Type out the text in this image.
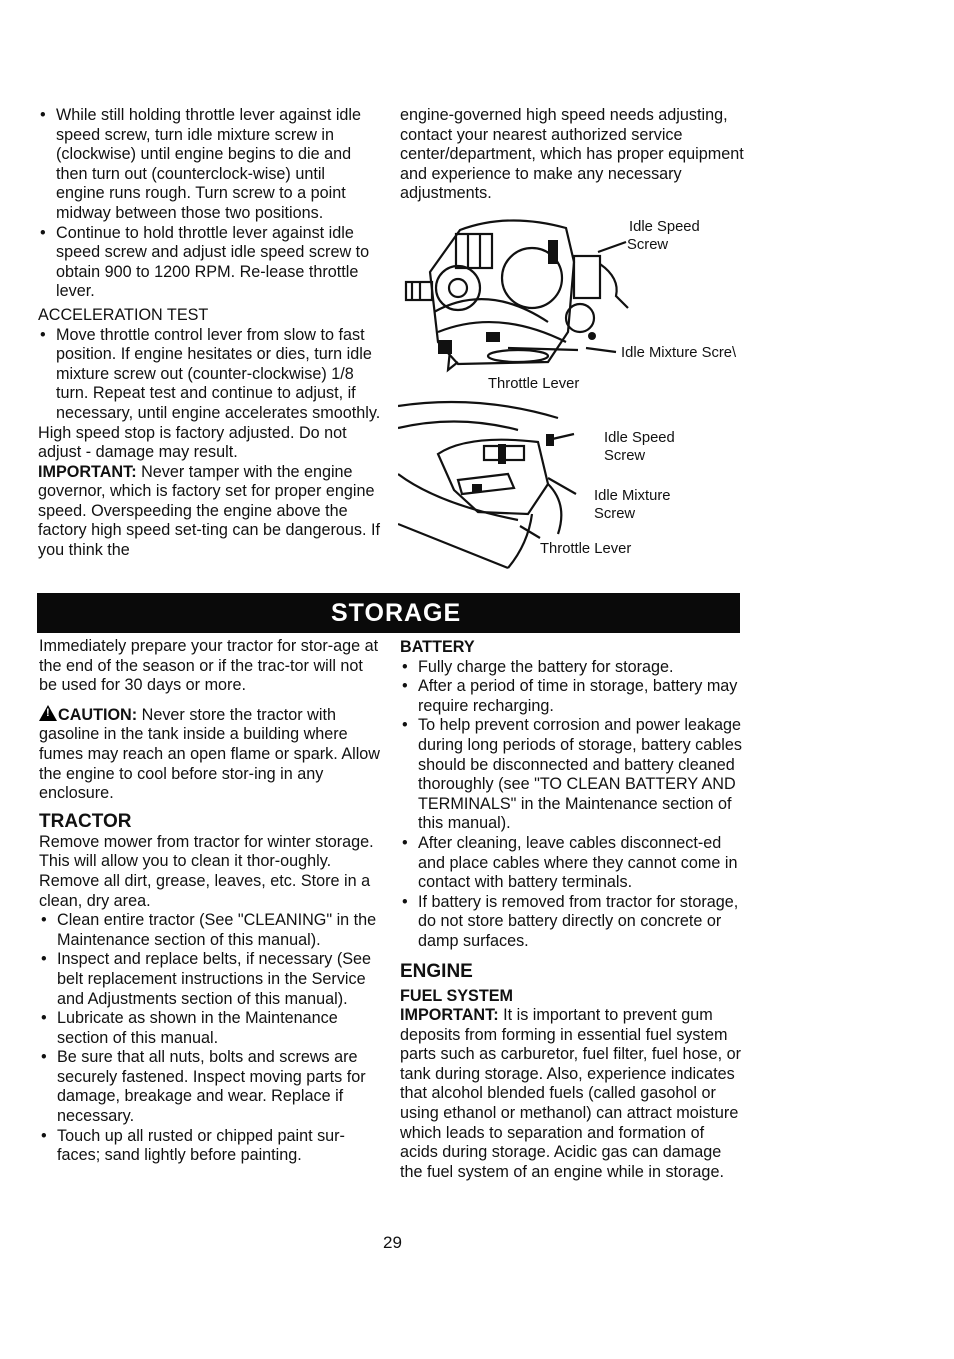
• While still holding throttle lever against idle speed screw, turn idle mixture screw in (clockwise) until engine begins to die and then turn out (counterclock-wise) until engine runs rough. Turn screw to a point midway between those two positions.
• Continue to hold throttle lever against idle speed screw and adjust idle speed screw to obtain 900 to 1200 RPM. Re-lease throttle lever.

ACCELERATION TEST

• Move throttle control lever from slow to fast position. If engine hesitates or dies, turn idle mixture screw out (counter-clockwise) 1/8 turn. Repeat test and continue to adjust, if necessary, until engine accelerates smoothly.

High speed stop is factory adjusted. Do not adjust - damage may result.

IMPORTANT: Never tamper with the engine governor, which is factory set for proper engine speed. Overspeeding the engine above the factory high speed set-ting can be dangerous. If you think the

engine-governed high speed needs adjusting, contact your nearest authorized service center/department, which has proper equipment and experience to make any necessary adjustments.

Idle Speed
Screw
Idle Mixture Scre\
Throttle Lever
Idle Speed
Screw
Idle Mixture
Screw
Throttle Lever
STORAGE

Immediately prepare your tractor for stor-age at the end of the season or if the trac-tor will not be used for 30 days or more.

! CAUTION: Never store the tractor with gasoline in the tank inside a building where fumes may reach an open flame or spark. Allow the engine to cool before stor-ing in any enclosure.

TRACTOR

Remove mower from tractor for winter storage. This will allow you to clean it thor-oughly. Remove all dirt, grease, leaves, etc. Store in a clean, dry area.

• Clean entire tractor (See "CLEANING" in the Maintenance section of this manual).
• Inspect and replace belts, if necessary (See belt replacement instructions in the Service and Adjustments section of this manual).
• Lubricate as shown in the Maintenance section of this manual.
• Be sure that all nuts, bolts and screws are securely fastened. Inspect moving parts for damage, breakage and wear. Replace if necessary.
• Touch up all rusted or chipped paint sur-faces; sand lightly before painting.

BATTERY

• Fully charge the battery for storage.
• After a period of time in storage, battery may require recharging.
• To help prevent corrosion and power leakage during long periods of storage, battery cables should be disconnected and battery cleaned thoroughly (see "TO CLEAN BATTERY AND TERMINALS" in the Maintenance section of this manual).
• After cleaning, leave cables disconnect-ed and place cables where they cannot come in contact with battery terminals.
• If battery is removed from tractor for storage, do not store battery directly on concrete or damp surfaces.

ENGINE

FUEL SYSTEM

IMPORTANT: It is important to prevent gum deposits from forming in essential fuel system parts such as carburetor, fuel filter, fuel hose, or tank during storage. Also, experience indicates that alcohol blended fuels (called gasohol or using ethanol or methanol) can attract moisture which leads to separation and formation of acids during storage. Acidic gas can damage the fuel system of an engine while in storage.

29
